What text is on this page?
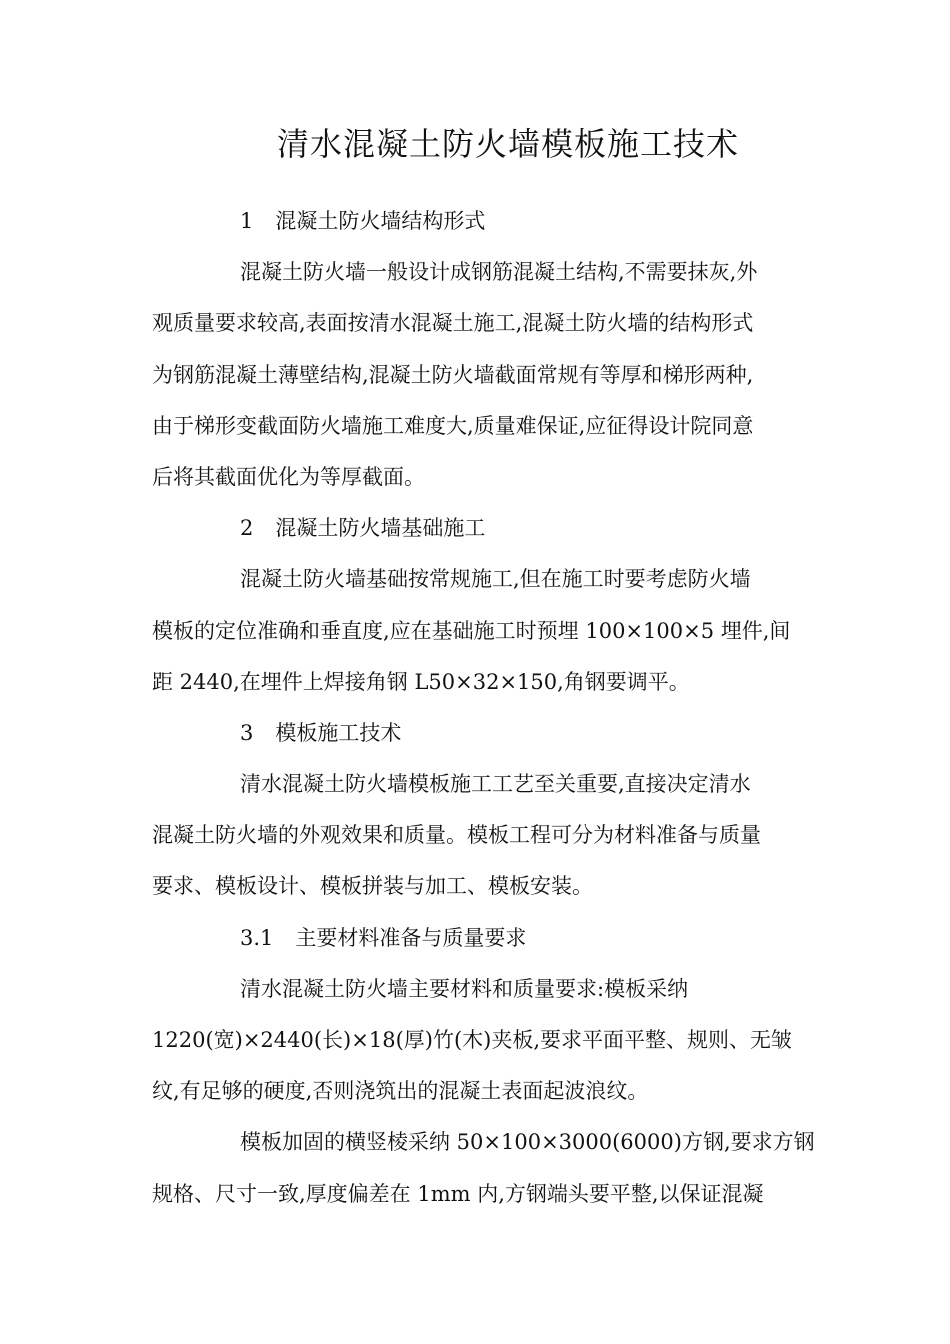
清水混凝土防火墙模板施工技术
1 混凝土防火墙结构形式
混凝土防火墙一般设计成钢筋混凝土结构,不需要抹灰,外
观质量要求较高,表面按清水混凝土施工,混凝土防火墙的结构形式
为钢筋混凝土薄壁结构,混凝土防火墙截面常规有等厚和梯形两种,
由于梯形变截面防火墙施工难度大,质量难保证,应征得设计院同意
后将其截面优化为等厚截面。
2 混凝土防火墙基础施工
混凝土防火墙基础按常规施工,但在施工时要考虑防火墙
模板的定位准确和垂直度,应在基础施工时预埋 100×100×5 埋件,间
距 2440,在埋件上焊接角钢 L50×32×150,角钢要调平。
3 模板施工技术
清水混凝土防火墙模板施工工艺至关重要,直接决定清水
混凝土防火墙的外观效果和质量。模板工程可分为材料准备与质量
要求、模板设计、模板拼装与加工、模板安装。
3.1 主要材料准备与质量要求
清水混凝土防火墙主要材料和质量要求:模板采纳
1220(宽)×2440(长)×18(厚)竹(木)夹板,要求平面平整、规则、无皱
纹,有足够的硬度,否则浇筑出的混凝土表面起波浪纹。
模板加固的横竖棱采纳 50×100×3000(6000)方钢,要求方钢
规格、尺寸一致,厚度偏差在 1mm 内,方钢端头要平整,以保证混凝
